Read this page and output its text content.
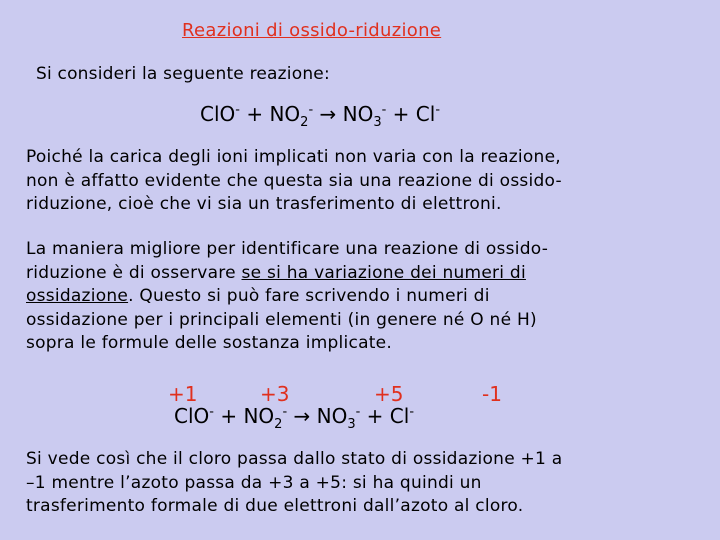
Reazioni di ossido-riduzione
Si consideri la seguente reazione:
$ClO^- + NO_2^- \to NO_3^- + Cl^-$
Poiché la carica degli ioni implicati non varia con la reazione,
non è affatto evidente che questa sia una reazione di ossido-
riduzione, cioè che vi sia un trasferimento di elettroni.
La maniera migliore per identificare una reazione di ossido-
riduzione è di osservare se si ha variazione dei numeri di
ossidazione. Questo si può fare scrivendo i numeri di
ossidazione per i principali elementi (in genere né O né H)
sopra le formule delle sostanza implicate.
+1	+3	+5	-1
$ClO^- + NO_2^- \to NO_3^- + Cl^-$
Si vede così che il cloro passa dallo stato di ossidazione +1 a
–1 mentre l’azoto passa da +3 a +5: si ha quindi un
trasferimento formale di due elettroni dall’azoto al cloro.
